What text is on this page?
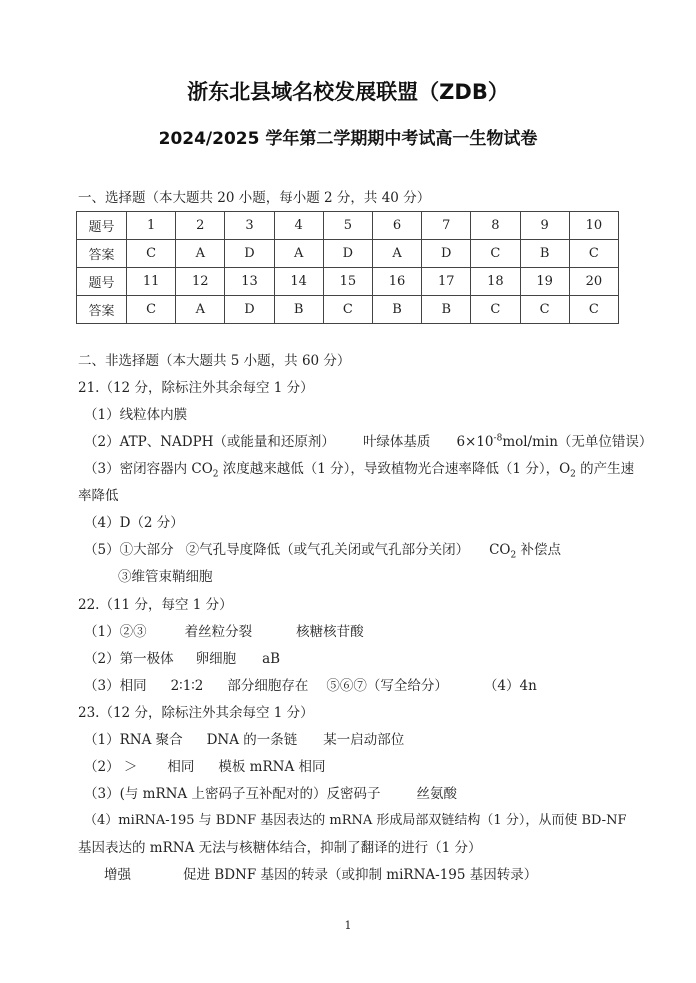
浙东北县域名校发展联盟（ZDB）
2024/2025 学年第二学期期中考试高一生物试卷
一、选择题（本大题共 20 小题，每小题 2 分，共 40 分）
题号	1	2	3	4	5	6	7	8	9	10
答案	C	A	D	A	D	A	D	C	B	C
题号	11	12	13	14	15	16	17	18	19	20
答案	C	A	D	B	C	B	B	C	C	C
二、非选择题（本大题共 5 小题，共 60 分）
21.（12 分，除标注外其余每空 1 分）
（1）线粒体内膜
（2）ATP、NADPH（或能量和还原剂） 叶绿体基质 $6\times 10^{-8}mol/\min$（无单位错误）
（3）密闭容器内 $CO_2$ 浓度越来越低（1 分），导致植物光合速率降低（1 分），$O_2$ 的产生速
率降低
（4）D（2 分）
（5）①大部分 ②气孔导度降低（或气孔关闭或气孔部分关闭） $CO_2$ 补偿点
③维管束鞘细胞
22.（11 分，每空 1 分）
（1）②③	着丝粒分裂	核糖核苷酸
（2）第一极体 卵细胞 aB
（3）相同 2∶1∶2 部分细胞存在 ⑤⑥⑦（写全给分）	（4）4n
23.（12 分，除标注外其余每空 1 分）
（1）RNA 聚合 DNA 的一条链 某一启动部位
（2） ＞ 相同 模板 mRNA 相同
（3）(与 mRNA 上密码子互补配对的）反密码子	丝氨酸
（4）miRNA-195 与 BDNF 基因表达的 mRNA 形成局部双链结构（1 分），从而使 BD-NF
基因表达的 mRNA 无法与核糖体结合，抑制了翻译的进行（1 分）
增强	促进 BDNF 基因的转录（或抑制 miRNA-195 基因转录）
1
